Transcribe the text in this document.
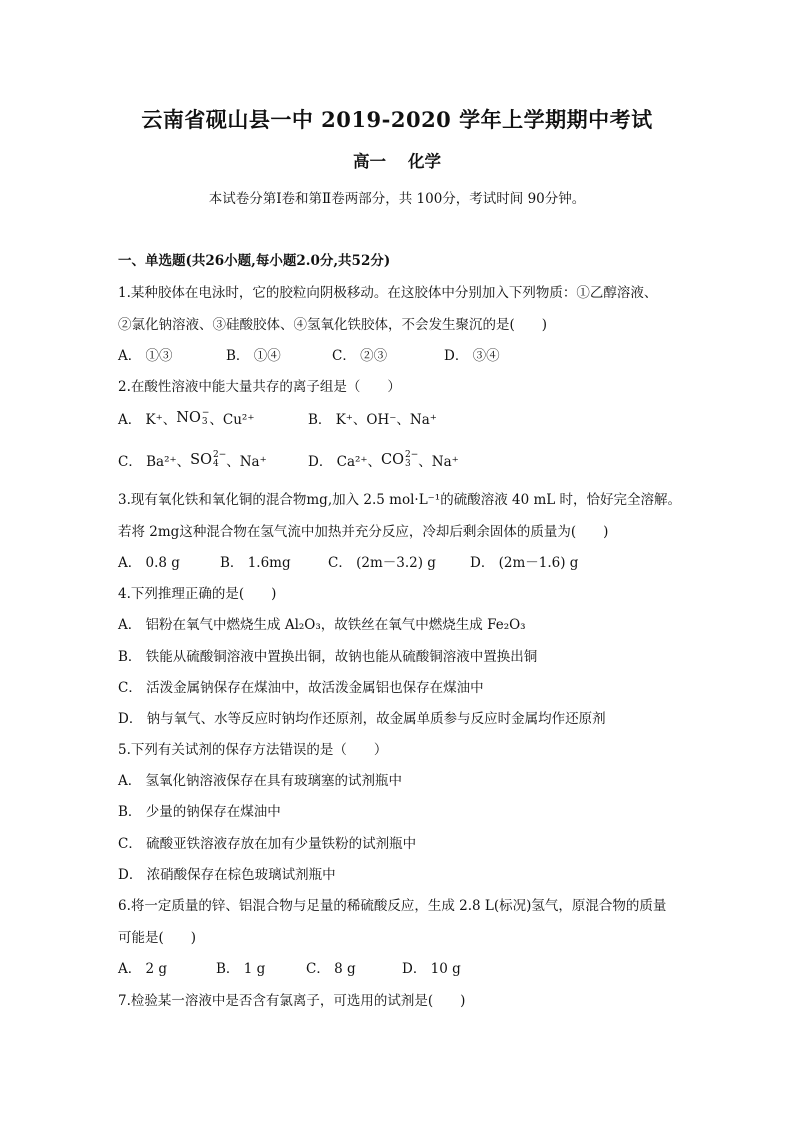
云南省砚山县一中 2019-2020 学年上学期期中考试
高一 化学
本试卷分第Ⅰ卷和第Ⅱ卷两部分，共 100分，考试时间 90分钟。
一、单选题(共26小题,每小题2.0分,共52分)
1.某种胶体在电泳时，它的胶粒向阴极移动。在这胶体中分别加入下列物质：①乙醇溶液、
②氯化钠溶液、③硅酸胶体、④氢氧化铁胶体，不会发生聚沉的是(　　)
A． ①③	B． ①④	C． ②③	D． ③④
2.在酸性溶液中能大量共存的离子组是（　　）
A． K⁺、 NO −
3 、Cu²⁺	B． K⁺、OH⁻、Na⁺
C． Ba²⁺、 SO 2−
4 、Na⁺	D． Ca²⁺、 CO 2−
3 、Na⁺
3.现有氧化铁和氧化铜的混合物mg,加入 2.5 mol·L⁻¹的硫酸溶液 40 mL 时，恰好完全溶解。
若将 2mg这种混合物在氢气流中加热并充分反应，冷却后剩余固体的质量为(　　)
A． 0.8 g	B． 1.6mg	C． (2m－3.2) g	D． (2m－1.6) g
4.下列推理正确的是(　　)
A． 铝粉在氧气中燃烧生成 Al₂O₃，故铁丝在氧气中燃烧生成 Fe₂O₃
B． 铁能从硫酸铜溶液中置换出铜，故钠也能从硫酸铜溶液中置换出铜
C． 活泼金属钠保存在煤油中，故活泼金属铝也保存在煤油中
D． 钠与氧气、水等反应时钠均作还原剂，故金属单质参与反应时金属均作还原剂
5.下列有关试剂的保存方法错误的是（　　）
A． 氢氧化钠溶液保存在具有玻璃塞的试剂瓶中
B． 少量的钠保存在煤油中
C． 硫酸亚铁溶液存放在加有少量铁粉的试剂瓶中
D． 浓硝酸保存在棕色玻璃试剂瓶中
6.将一定质量的锌、铝混合物与足量的稀硫酸反应，生成 2.8 L(标况)氢气，原混合物的质量
可能是(　　)
A． 2 g	B． 1 g	C． 8 g	D． 10 g
7.检验某一溶液中是否含有氯离子，可选用的试剂是(　　)
